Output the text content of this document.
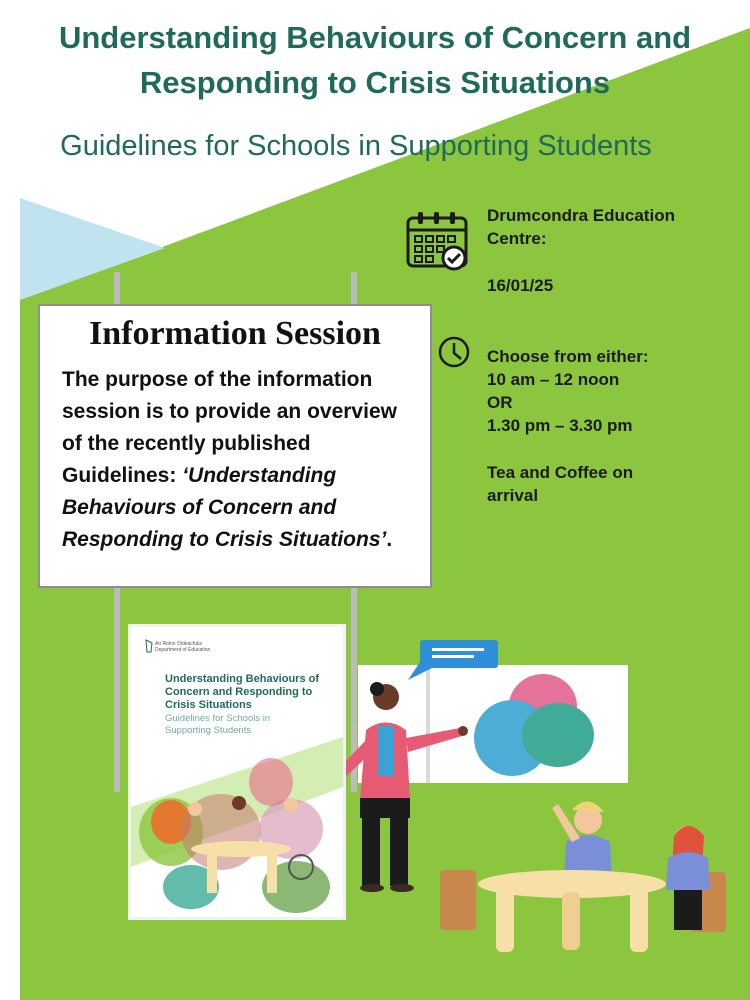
Understanding Behaviours of Concern and
Responding to Crisis Situations
Guidelines for Schools in Supporting Students
Drumcondra Education
Centre:
16/01/25
Choose from either:
10 am – 12 noon
OR
1.30 pm – 3.30 pm
Tea and Coffee on
arrival
Information Session
The purpose of the information
session is to provide an overview
of the recently published
Guidelines: ‘Understanding
Behaviours of Concern and
Responding to Crisis Situations’.
An Roinn Oideachais
Department of Education
Understanding Behaviours of
Concern and Responding to
Crisis Situations
Guidelines for Schools in
Supporting Students
